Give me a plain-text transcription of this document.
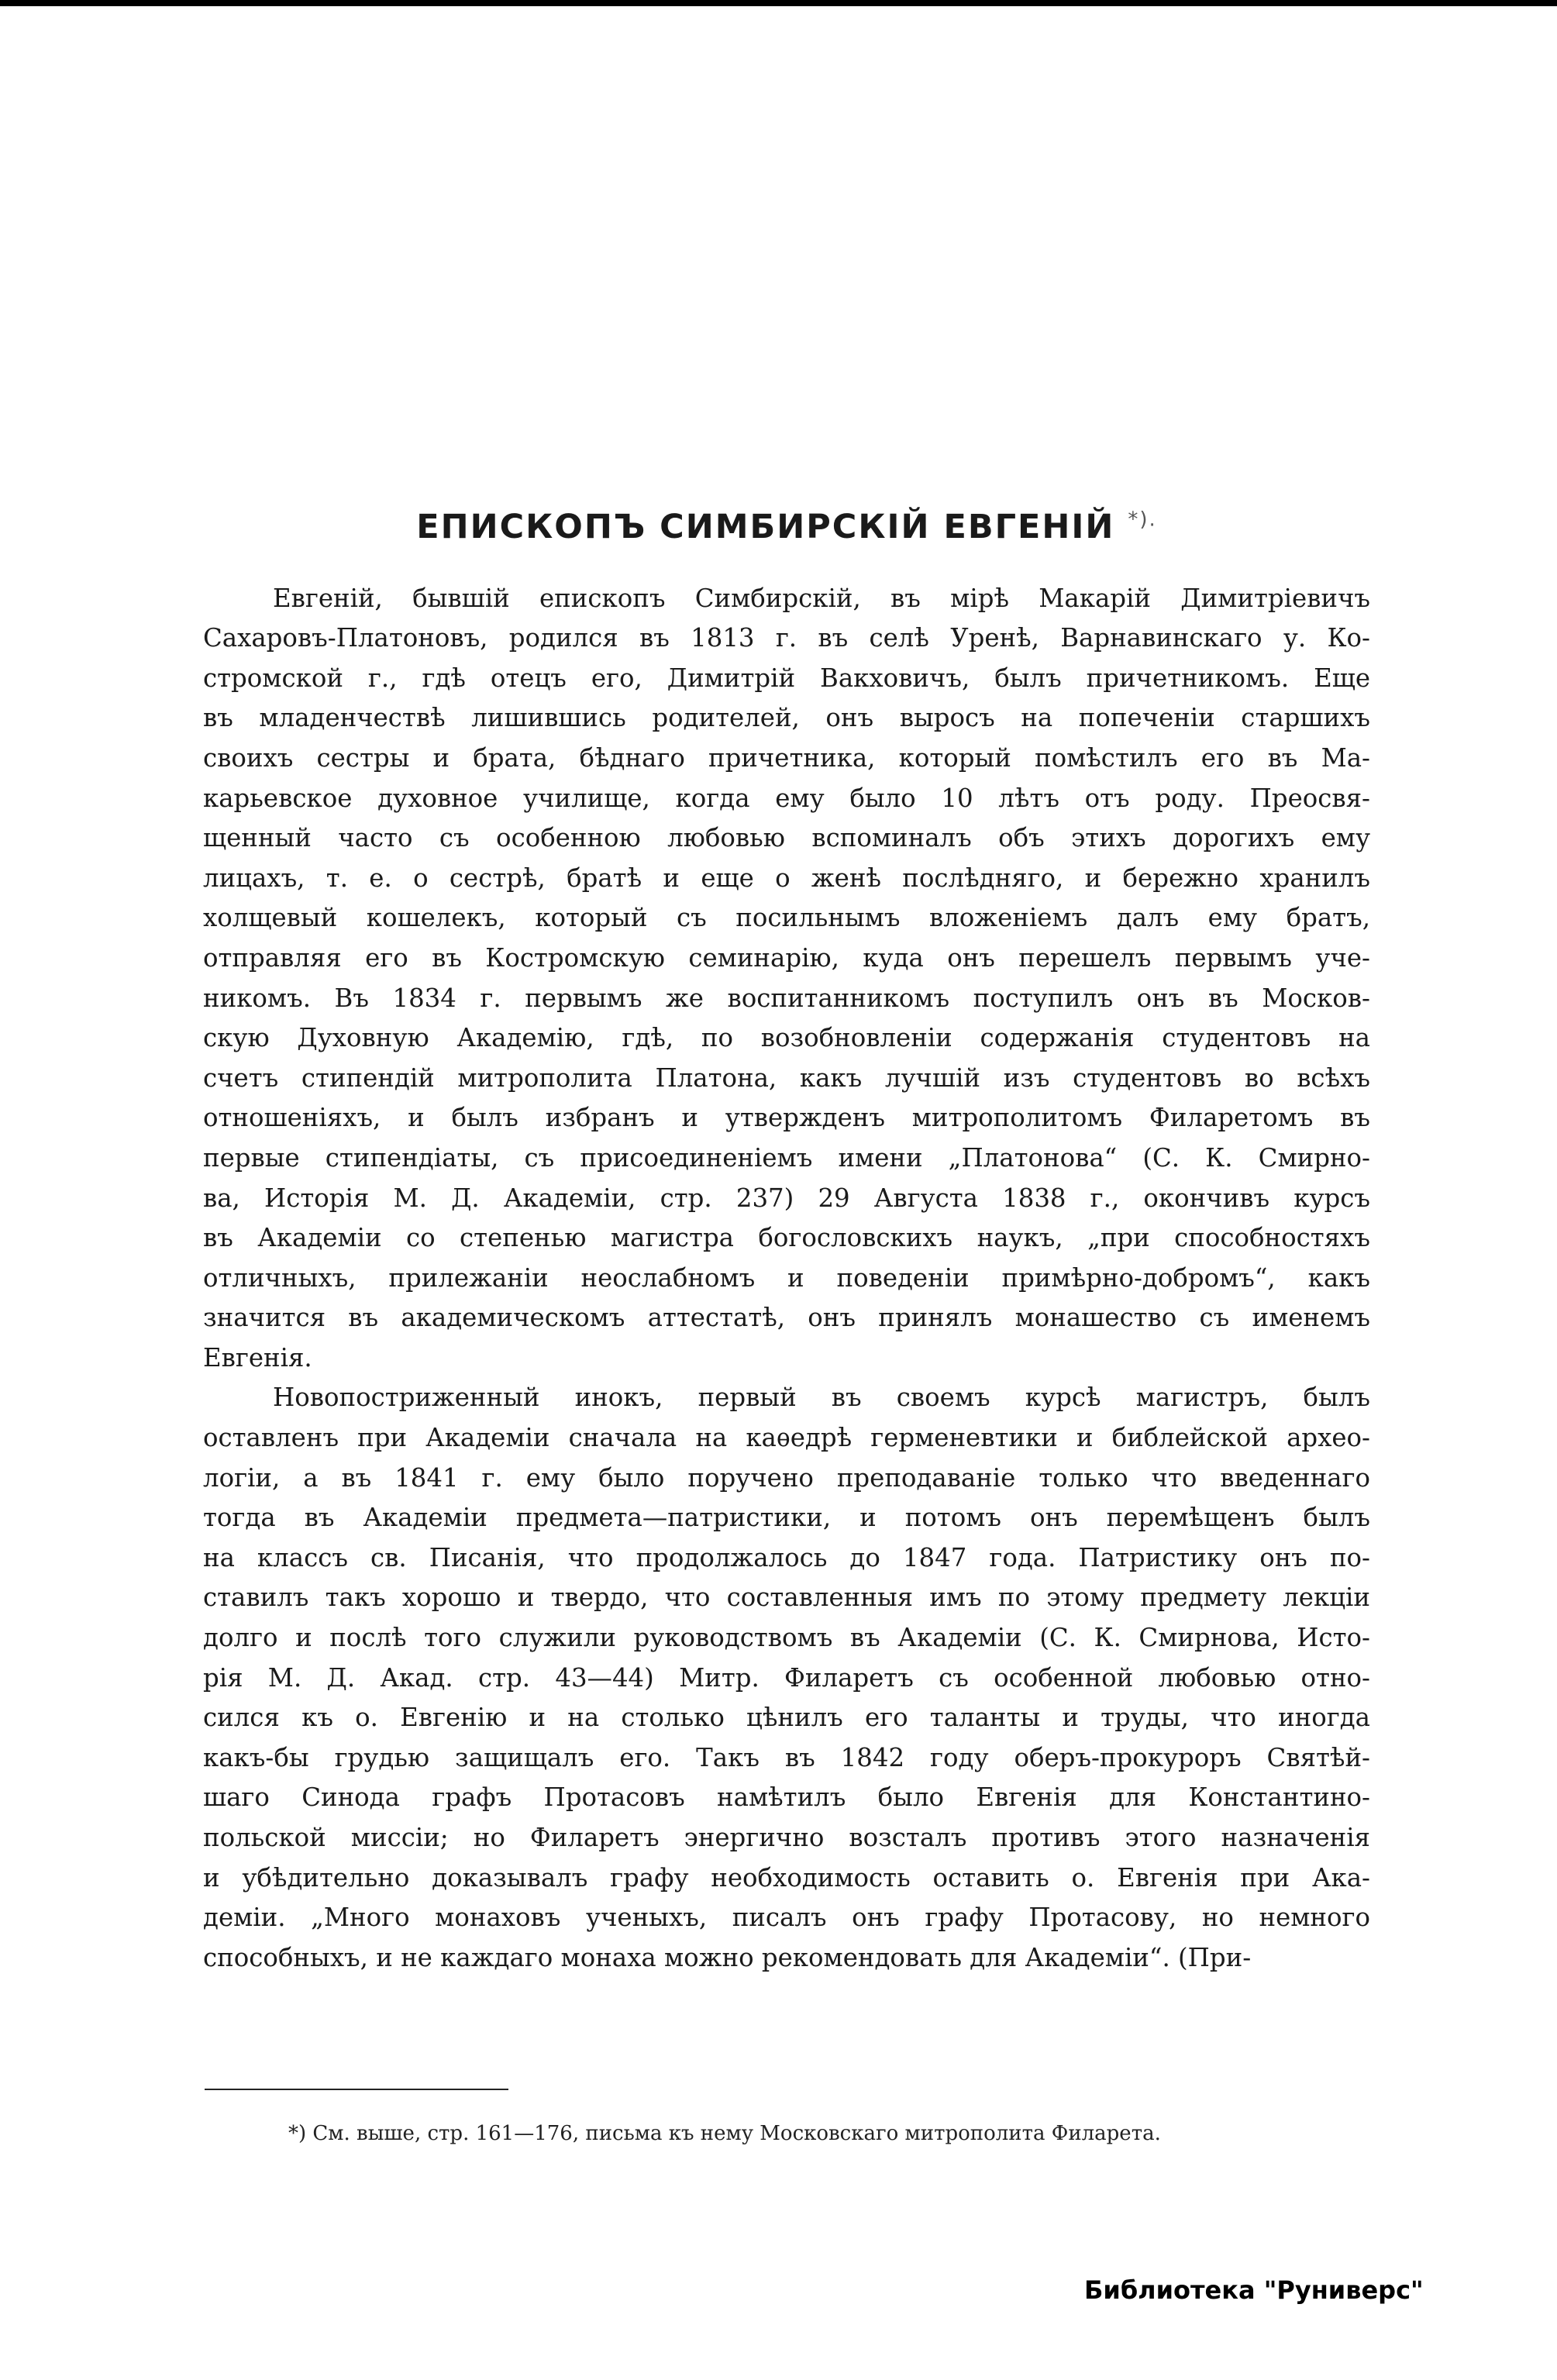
ЕПИСКОПЪ СИМБИРСКІЙ ЕВГЕНІЙ *).
Евгеній, бывшій епископъ Симбирскій, въ мірѣ Макарій Димитріевичъ
Сахаровъ-Платоновъ, родился въ 1813 г. въ селѣ Уренѣ, Варнавинскаго у. Ко-
стромской г., гдѣ отецъ его, Димитрій Вакховичъ, былъ причетникомъ. Еще
въ младенчествѣ лишившись родителей, онъ выросъ на попеченіи старшихъ
своихъ сестры и брата, бѣднаго причетника, который помѣстилъ его въ Ма-
карьевское духовное училище, когда ему было 10 лѣтъ отъ роду. Преосвя-
щенный часто съ особенною любовью вспоминалъ объ этихъ дорогихъ ему
лицахъ, т. е. о сестрѣ, братѣ и еще о женѣ послѣдняго, и бережно хранилъ
холщевый кошелекъ, который съ посильнымъ вложеніемъ далъ ему братъ,
отправляя его въ Костромскую семинарію, куда онъ перешелъ первымъ уче-
никомъ. Въ 1834 г. первымъ же воспитанникомъ поступилъ онъ въ Москов-
скую Духовную Академію, гдѣ, по возобновленіи содержанія студентовъ на
счетъ стипендій митрополита Платона, какъ лучшій изъ студентовъ во всѣхъ
отношеніяхъ, и былъ избранъ и утвержденъ митрополитомъ Филаретомъ въ
первые стипендіаты, съ присоединеніемъ имени „Платонова“ (С. К. Смирно-
ва, Исторія М. Д. Академіи, стр. 237) 29 Августа 1838 г., окончивъ курсъ
въ Академіи со степенью магистра богословскихъ наукъ, „при способностяхъ
отличныхъ, прилежаніи неослабномъ и поведеніи примѣрно-добромъ“, какъ
значится въ академическомъ аттестатѣ, онъ принялъ монашество съ именемъ
Евгенія.
Новопостриженный инокъ, первый въ своемъ курсѣ магистръ, былъ
оставленъ при Академіи сначала на каѳедрѣ герменевтики и библейской архео-
логіи, а въ 1841 г. ему было поручено преподаваніе только что введеннаго
тогда въ Академіи предмета—патристики, и потомъ онъ перемѣщенъ былъ
на классъ св. Писанія, что продолжалось до 1847 года. Патристику онъ по-
ставилъ такъ хорошо и твердо, что составленныя имъ по этому предмету лекціи
долго и послѣ того служили руководствомъ въ Академіи (С. К. Смирнова, Исто-
рія М. Д. Акад. стр. 43—44) Митр. Филаретъ съ особенной любовью отно-
сился къ о. Евгенію и на столько цѣнилъ его таланты и труды, что иногда
какъ-бы грудью защищалъ его. Такъ въ 1842 году оберъ-прокуроръ Святѣй-
шаго Синода графъ Протасовъ намѣтилъ было Евгенія для Константино-
польской миссіи; но Филаретъ энергично возсталъ противъ этого назначенія
и убѣдительно доказывалъ графу необходимость оставить о. Евгенія при Ака-
деміи. „Много монаховъ ученыхъ, писалъ онъ графу Протасову, но немного
способныхъ, и не каждаго монаха можно рекомендовать для Академіи“. (При-
*) См. выше, стр. 161—176, письма къ нему Московскаго митрополита Филарета.
Библиотека "Руниверс"
